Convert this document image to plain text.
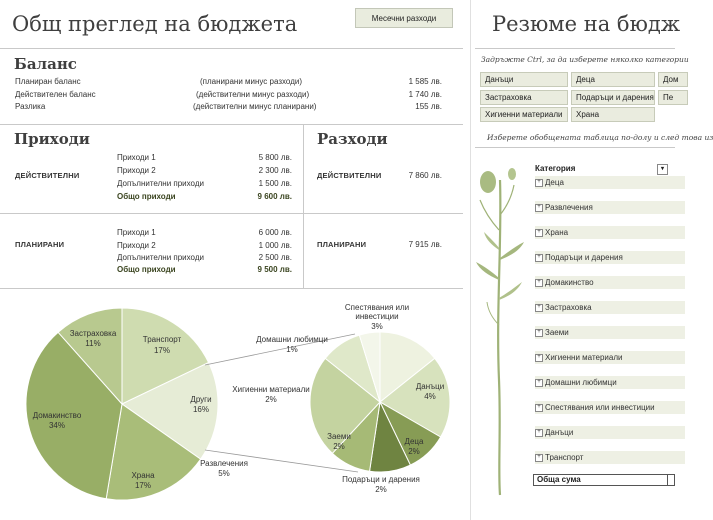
Общ преглед на бюджета	Месечни разходи
Баланс
Планиран баланс	(планирани минус разходи)	1 585 лв.
Действителен баланс	(действителни минус разходи)	1 740 лв.
Разлика	(действителни минус планирани)	155 лв.
Приходи
ДЕЙСТВИТЕЛНИ
Приходи 1	5 800 лв.
Приходи 2	2 300 лв.
Допълнителни приходи	1 500 лв.
Общо приходи	9 600 лв.
ПЛАНИРАНИ
Приходи 1	6 000 лв.
Приходи 2	1 000 лв.
Допълнителни приходи	2 500 лв.
Общо приходи	9 500 лв.
Разходи
ДЕЙСТВИТЕЛНИ	7 860 лв.
ПЛАНИРАНИ	7 915 лв.
Транспорт
17%
Други
16%
Храна
17%
Домакинство
34%
Застраховка
11%
Спестявания или
инвестиции
3%
Домашни любимци
1%
Хигиенни материали
2%
Данъци
4%
Деца
2%
Заеми
2%
Развлечения
5%
Подаръци и дарения
2%
Резюме на бюдж
Задръжте Ctrl, за да изберете няколко категории
Данъци	Деца	Дом
Застраховка	Подаръци и дарения	Пе
Хигиенни материали	Храна
Изберете обобщената таблица по-долу и след това из
Категория	▾
+ Деца
+ Развлечения
+ Храна
+ Подаръци и дарения
+ Домакинство
+ Застраховка
+ Заеми
+ Хигиенни материали
+ Домашни любимци
+ Спестявания или инвестиции
+ Данъци
+ Транспорт
Обща сума
